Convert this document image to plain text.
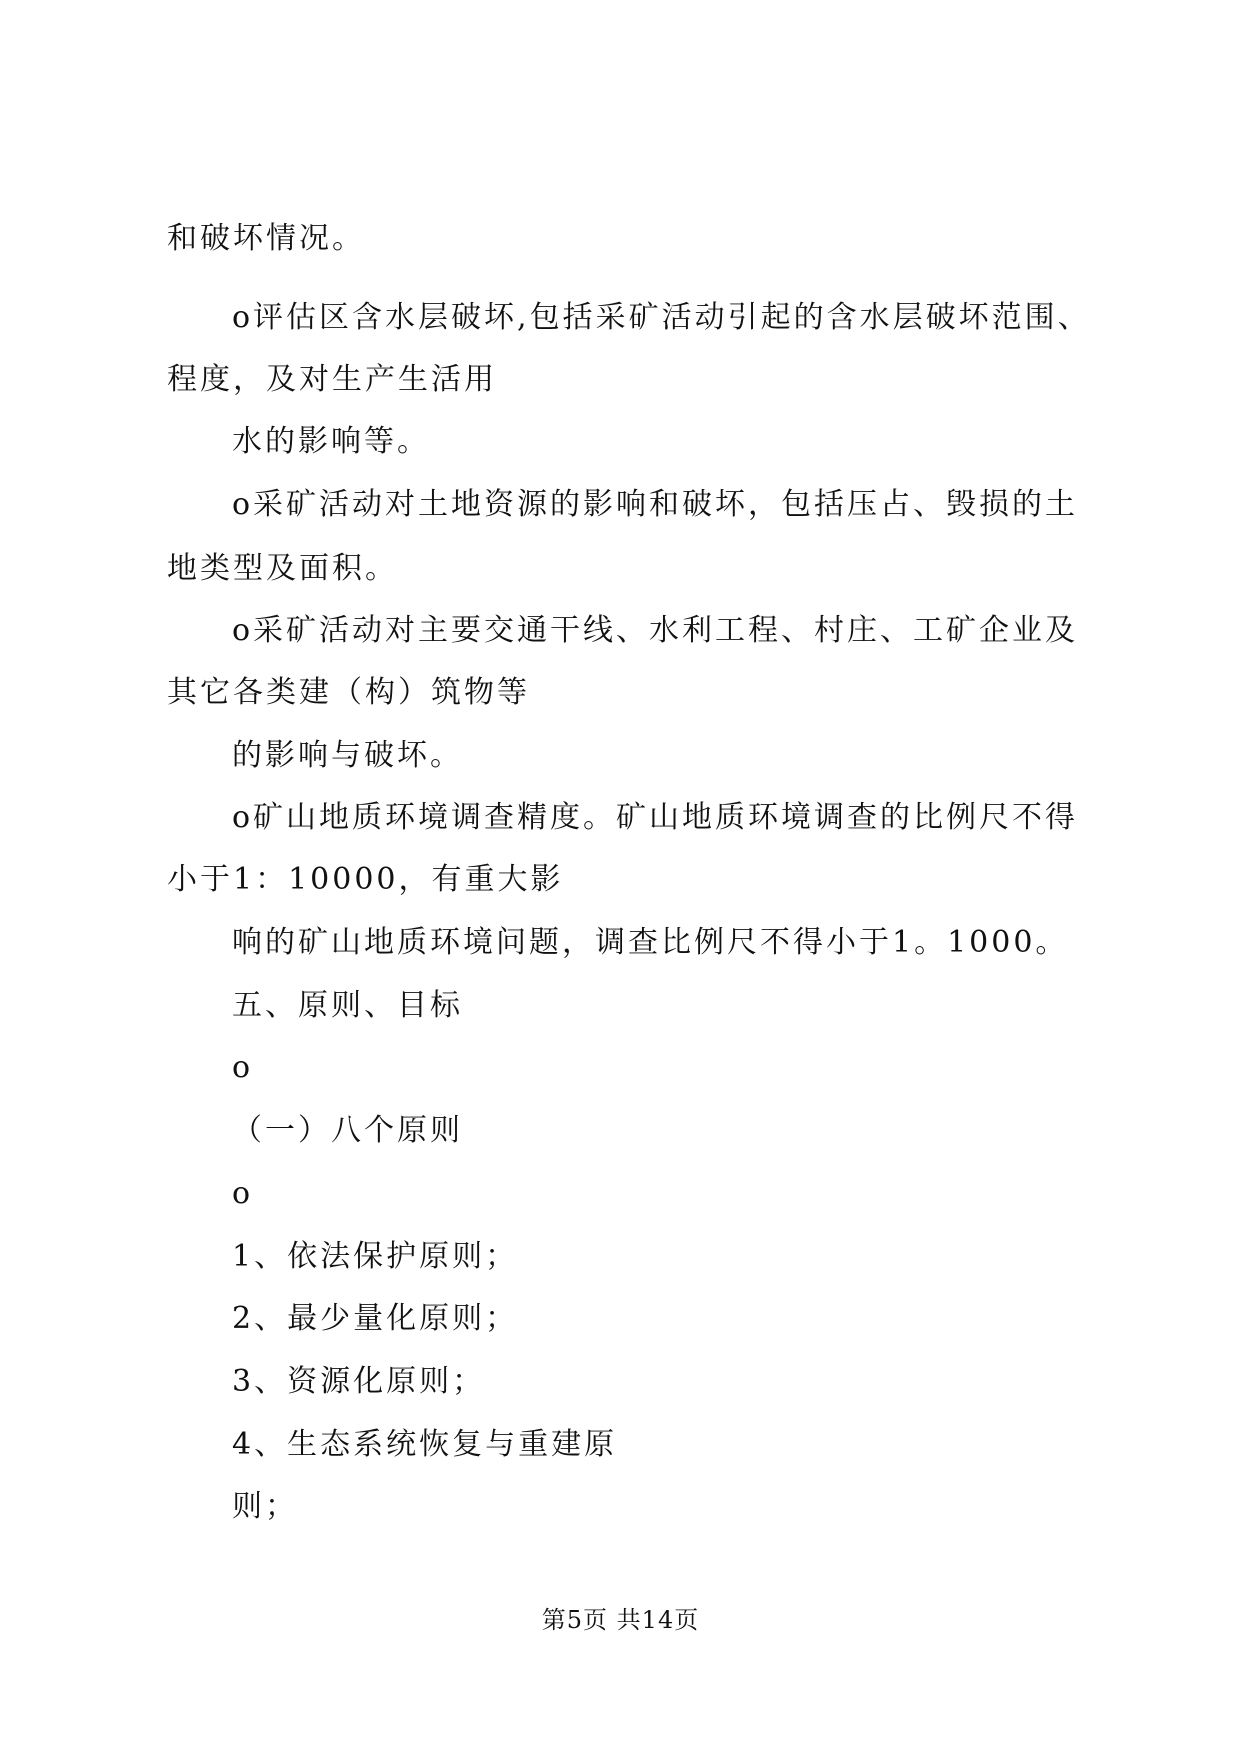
和破坏情况。
o评估区含水层破坏,包括采矿活动引起的含水层破坏范围、
程度，及对生产生活用
水的影响等。
o采矿活动对土地资源的影响和破坏，包括压占、毁损的土
地类型及面积。
o采矿活动对主要交通干线、水利工程、村庄、工矿企业及
其它各类建（构）筑物等
的影响与破坏。
o矿山地质环境调查精度。矿山地质环境调查的比例尺不得
小于1：10000，有重大影
响的矿山地质环境问题，调查比例尺不得小于1。1000。
五、原则、目标
o
（一）八个原则
o
1、依法保护原则；
2、最少量化原则；
3、资源化原则；
4、生态系统恢复与重建原
则；
第5页 共14页
